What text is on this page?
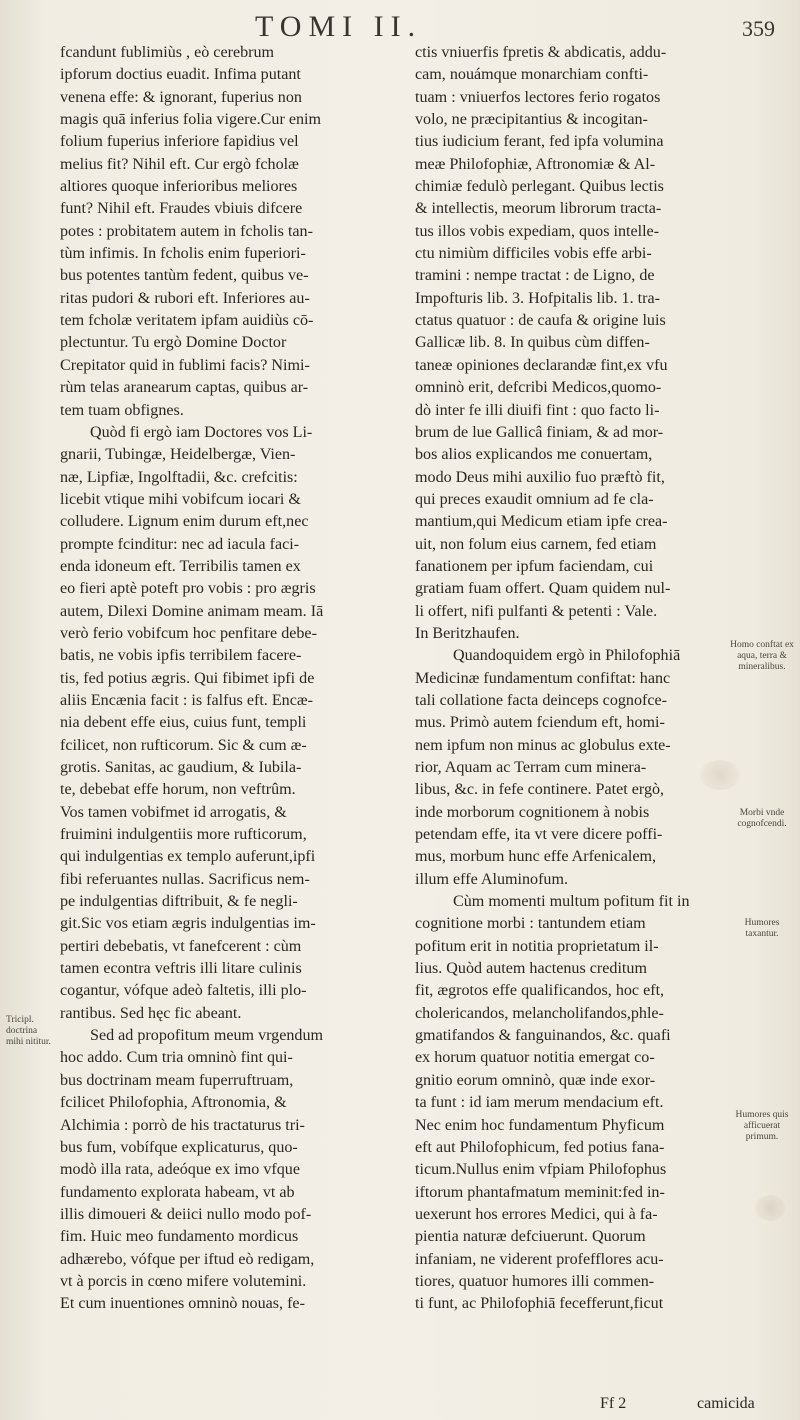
TOMI II.	359
fcandunt fublimiùs , eò cerebrum
ipforum doctius euadit. Infima putant
venena effe: & ignorant, fuperius non
magis quā inferius folia vigere.Cur enim
folium fuperius inferiore fapidius vel
melius fit? Nihil eft. Cur ergò fcholæ
altiores quoque inferioribus meliores
funt? Nihil eft. Fraudes vbiuis difcere
potes : probitatem autem in fcholis tan-
tùm infimis. In fcholis enim fuperiori-
bus potentes tantùm fedent, quibus ve-
ritas pudori & rubori eft. Inferiores au-
tem fcholæ veritatem ipfam auidiùs cō-
plectuntur. Tu ergò Domine Doctor
Crepitator quid in fublimi facis? Nimi-
rùm telas aranearum captas, quibus ar-
tem tuam obfignes.
Quòd fi ergò iam Doctores vos Li-
gnarii, Tubingæ, Heidelbergæ, Vien-
næ, Lipfiæ, Ingolftadii, &c. crefcitis:
licebit vtique mihi vobifcum iocari &
colludere. Lignum enim durum eft,nec
prompte fcinditur: nec ad iacula faci-
enda idoneum eft. Terribilis tamen ex
eo fieri aptè poteft pro vobis : pro ægris
autem, Dilexi Domine animam meam. Iā
verò ferio vobifcum hoc penfitare debe-
batis, ne vobis ipfis terribilem facere-
tis, fed potius ægris. Qui fibimet ipfi de
aliis Encænia facit : is falfus eft. Encæ-
nia debent effe eius, cuius funt, templi
fcilicet, non rufticorum. Sic & cum æ-
grotis. Sanitas, ac gaudium, & Iubila-
te, debebat effe horum, non veftrûm.
Vos tamen vobifmet id arrogatis, &
fruimini indulgentiis more rufticorum,
qui indulgentias ex templo auferunt,ipfi
fibi referuantes nullas. Sacrificus nem-
pe indulgentias diftribuit, & fe negli-
git.Sic vos etiam ægris indulgentias im-
pertiri debebatis, vt fanefcerent : cùm
tamen econtra veftris illi litare culinis
cogantur, vófque adeò faltetis, illi plo-
rantibus. Sed hęc fic abeant.
Sed ad propofitum meum vrgendum
hoc addo. Cum tria omninò fint qui-
bus doctrinam meam fuperruftruam,
fcilicet Philofophia, Aftronomia, &
Alchimia : porrò de his tractaturus tri-
bus fum, vobífque explicaturus, quo-
modò illa rata, adeóque ex imo vfque
fundamento explorata habeam, vt ab
illis dimoueri & deiici nullo modo pof-
fim. Huic meo fundamento mordicus
adhærebo, vófque per iftud eò redigam,
vt à porcis in cœno mifere volutemini.
Et cum inuentiones omninò nouas, fe-
ctis vniuerfis fpretis & abdicatis, addu-
cam, nouámque monarchiam confti-
tuam : vniuerfos lectores ferio rogatos
volo, ne præcipitantius & incogitan-
tius iudicium ferant, fed ipfa volumina
meæ Philofophiæ, Aftronomiæ & Al-
chimiæ fedulò perlegant. Quibus lectis
& intellectis, meorum librorum tracta-
tus illos vobis expediam, quos intelle-
ctu nimiùm difficiles vobis effe arbi-
tramini : nempe tractat : de Ligno, de
Impofturis lib. 3. Hofpitalis lib. 1. tra-
ctatus quatuor : de caufa & origine luis
Gallicæ lib. 8. In quibus cùm diffen-
taneæ opiniones declarandæ fint,ex vfu
omninò erit, defcribi Medicos,quomo-
dò inter fe illi diuifi fint : quo facto li-
brum de lue Gallicâ finiam, & ad mor-
bos alios explicandos me conuertam,
modo Deus mihi auxilio fuo præftò fit,
qui preces exaudit omnium ad fe cla-
mantium,qui Medicum etiam ipfe crea-
uit, non folum eius carnem, fed etiam
fanationem per ipfum faciendam, cui
gratiam fuam offert. Quam quidem nul-
li offert, nifi pulfanti & petenti : Vale.
In Beritzhaufen.
Quandoquidem ergò in Philofophiā
Medicinæ fundamentum confiftat: hanc
tali collatione facta deinceps cognofce-
mus. Primò autem fciendum eft, homi-
nem ipfum non minus ac globulus exte-
rior, Aquam ac Terram cum minera-
libus, &c. in fefe continere. Patet ergò,
inde morborum cognitionem à nobis
petendam effe, ita vt vere dicere poffi-
mus, morbum hunc effe Arfenicalem,
illum effe Aluminofum.
Cùm momenti multum pofitum fit in
cognitione morbi : tantundem etiam
pofitum erit in notitia proprietatum il-
lius. Quòd autem hactenus creditum
fit, ægrotos effe qualificandos, hoc eft,
cholericandos, melancholifandos,phle-
gmatifandos & fanguinandos, &c. quafi
ex horum quatuor notitia emergat co-
gnitio eorum omninò, quæ inde exor-
ta funt : id iam merum mendacium eft.
Nec enim hoc fundamentum Phyficum
eft aut Philofophicum, fed potius fana-
ticum.Nullus enim vfpiam Philofophus
iftorum phantafmatum meminit:fed in-
uexerunt hos errores Medici, qui à fa-
pientia naturæ defciuerunt. Quorum
infaniam, ne viderent profefflores acu-
tiores, quatuor humores illi commen-
ti funt, ac Philofophiā fecefferunt,ficut
Tricipl. doctrina mihi nititur.
Homo conftat ex aqua, terra & mineralibus.
Morbi vnde cognofcendi.
Humores taxantur.
Humores quis afficuerat primum.
Ff 2	camicida
